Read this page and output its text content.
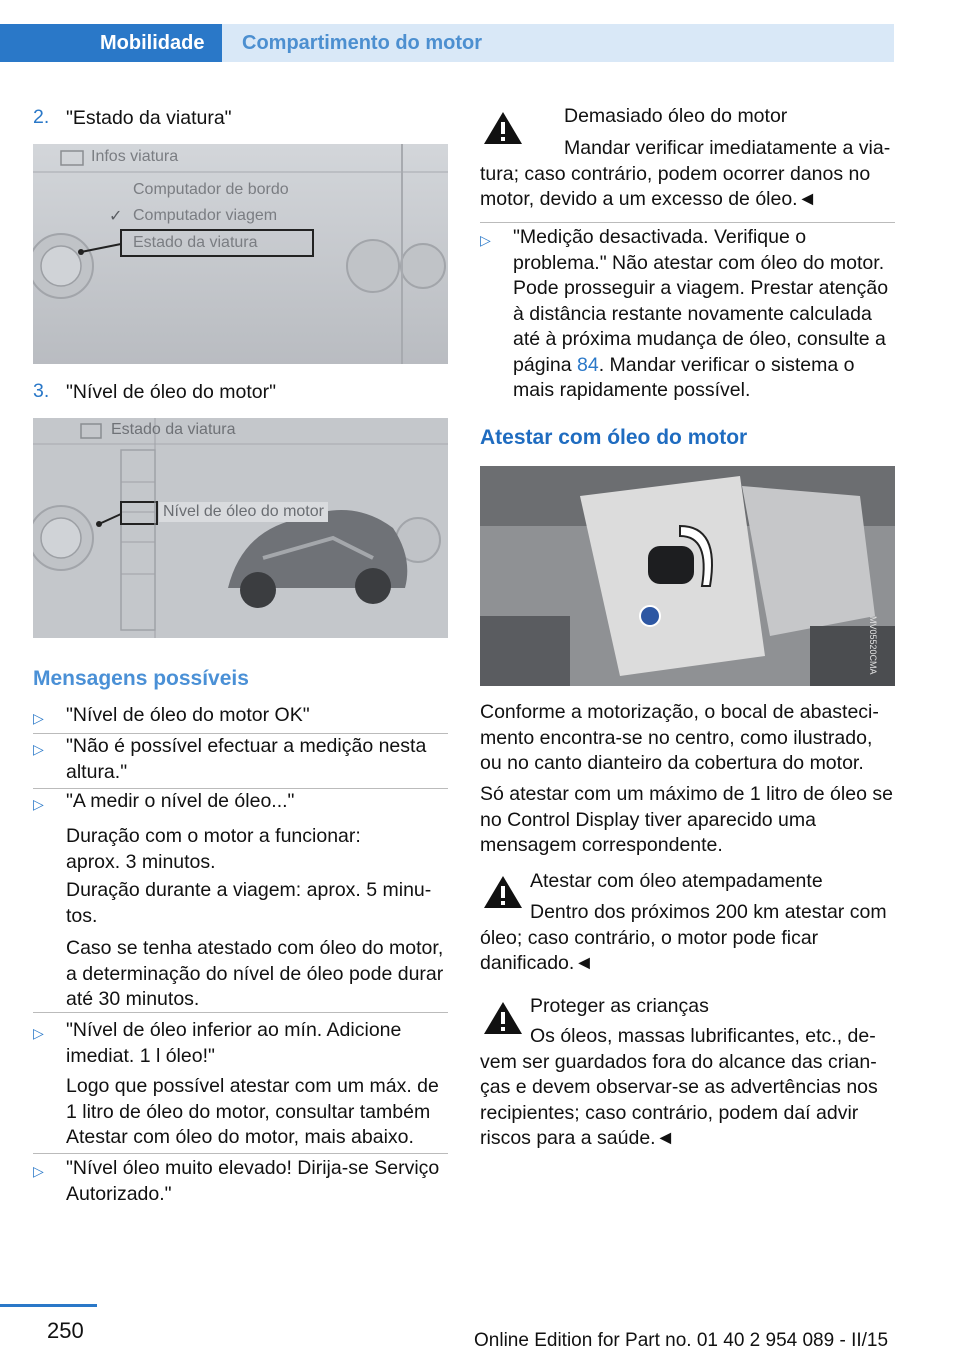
Mobilidade	Compartimento do motor
2. "Estado da viatura"
Infos viatura
Computador de bordo
✓ Computador viagem
Estado da viatura
3. "Nível de óleo do motor"
Estado da viatura
Nível de óleo do motor
Mensagens possíveis
▷ "Nível de óleo do motor OK"

▷ "Não é possível efectuar a medição nesta altura."

▷ "A medir o nível de óleo..."

Duração com o motor a funcionar: aprox. 3 minutos.

Duração durante a viagem: aprox. 5 minutos.

Caso se tenha atestado com óleo do motor, a determinação do nível de óleo pode durar até 30 minutos.

▷ "Nível de óleo inferior ao mín. Adicione imediat. 1 l óleo!"

Logo que possível atestar com um máx. de 1 litro de óleo do motor, consultar também Atestar com óleo do motor, mais abaixo.

▷ "Nível óleo muito elevado! Dirija-se Serviço Autorizado."

Demasiado óleo do motor

Mandar verificar imediatamente a viatura; caso contrário, podem ocorrer danos no motor, devido a um excesso de óleo.◄

▷ "Medição desactivada. Verifique o problema." Não atestar com óleo do motor. Pode prosseguir a viagem. Prestar atenção à distância restante novamente calculada até à próxima mudança de óleo, consulte a página 84. Mandar verificar o sistema o mais rapidamente possível.

Atestar com óleo do motor
MV05520CMA

Conforme a motorização, o bocal de abastecimento encontra-se no centro, como ilustrado, ou no canto dianteiro da cobertura do motor.

Só atestar com um máximo de 1 litro de óleo se no Control Display tiver aparecido uma mensagem correspondente.

Atestar com óleo atempadamente

Dentro dos próximos 200 km atestar com óleo; caso contrário, o motor pode ficar danificado.◄

Proteger as crianças

Os óleos, massas lubrificantes, etc., devem ser guardados fora do alcance das crianças e devem observar-se as advertências nos recipientes; caso contrário, podem daí advir riscos para a saúde.◄

250	Online Edition for Part no. 01 40 2 954 089 - II/15
